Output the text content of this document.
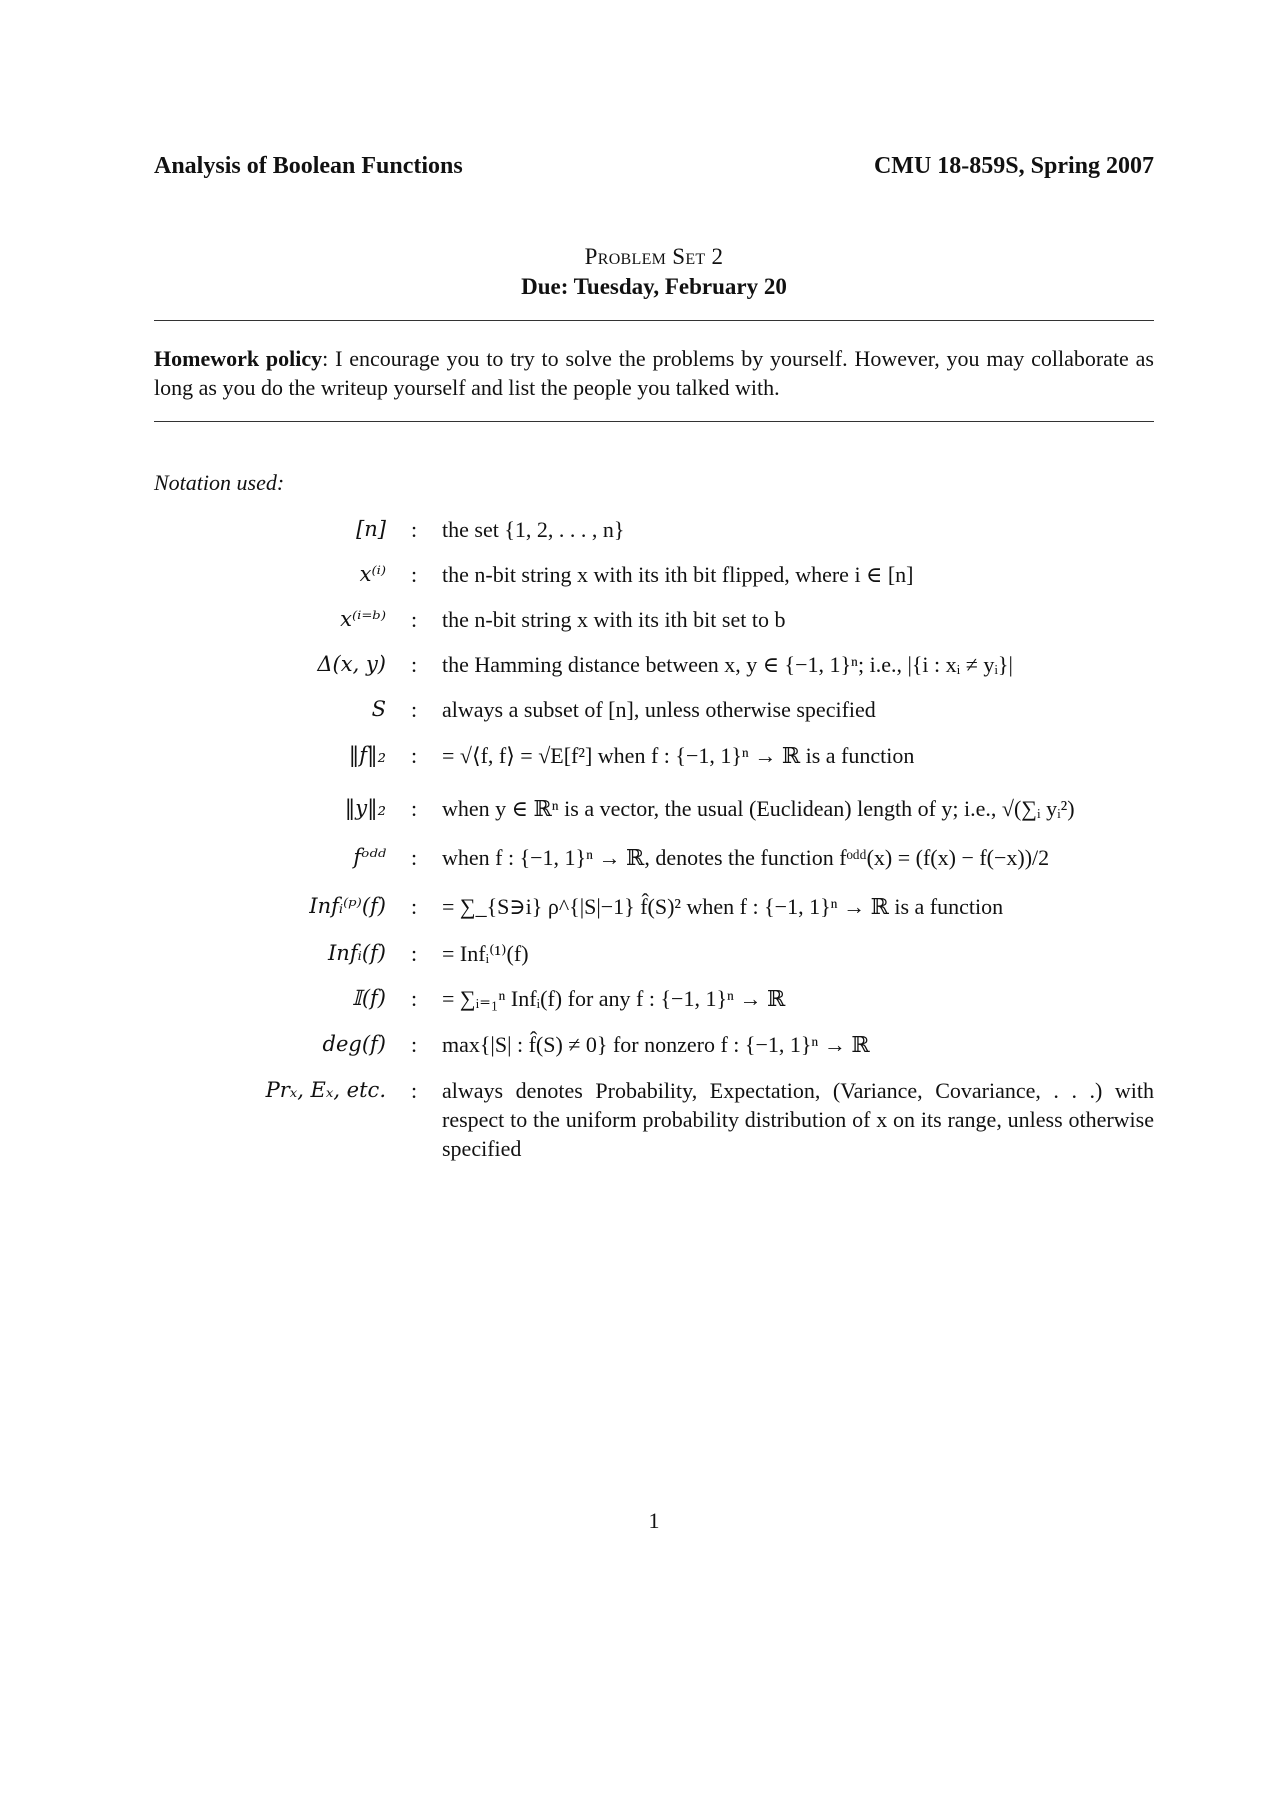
Analysis of Boolean Functions	CMU 18-859S, Spring 2007
Problem Set 2
Due: Tuesday, February 20
Homework policy: I encourage you to try to solve the problems by yourself. However, you may collaborate as long as you do the writeup yourself and list the people you talked with.
Notation used:
[n]	:	the set {1, 2, . . . , n}
x⁽ⁱ⁾	:	the n-bit string x with its ith bit flipped, where i ∈ [n]
x⁽ⁱ⁼ᵇ⁾	:	the n-bit string x with its ith bit set to b
Δ(x, y)	:	the Hamming distance between x, y ∈ {−1, 1}ⁿ; i.e., |{i : xᵢ ≠ yᵢ}|
S	:	always a subset of [n], unless otherwise specified
‖f‖₂	:	= √⟨f, f⟩ = √E[f²] when f : {−1, 1}ⁿ → ℝ is a function
‖y‖₂	:	when y ∈ ℝⁿ is a vector, the usual (Euclidean) length of y; i.e., √(∑ᵢ yᵢ²)
fᵒᵈᵈ	:	when f : {−1, 1}ⁿ → ℝ, denotes the function fᵒᵈᵈ(x) = (f(x) − f(−x))/2
Infᵢ⁽ᵖ⁾(f)	:	= ∑_{S∋i} ρ^{|S|−1} f̂(S)² when f : {−1, 1}ⁿ → ℝ is a function
Infᵢ(f)	:	= Infᵢ⁽¹⁾(f)
𝕀(f)	:	= ∑ᵢ₌₁ⁿ Infᵢ(f) for any f : {−1, 1}ⁿ → ℝ
deg(f)	:	max{|S| : f̂(S) ≠ 0} for nonzero f : {−1, 1}ⁿ → ℝ
Prₓ, Eₓ, etc.	:	always denotes Probability, Expectation, (Variance, Covariance, . . .) with respect to the uniform probability distribution of x on its range, unless otherwise specified
1
